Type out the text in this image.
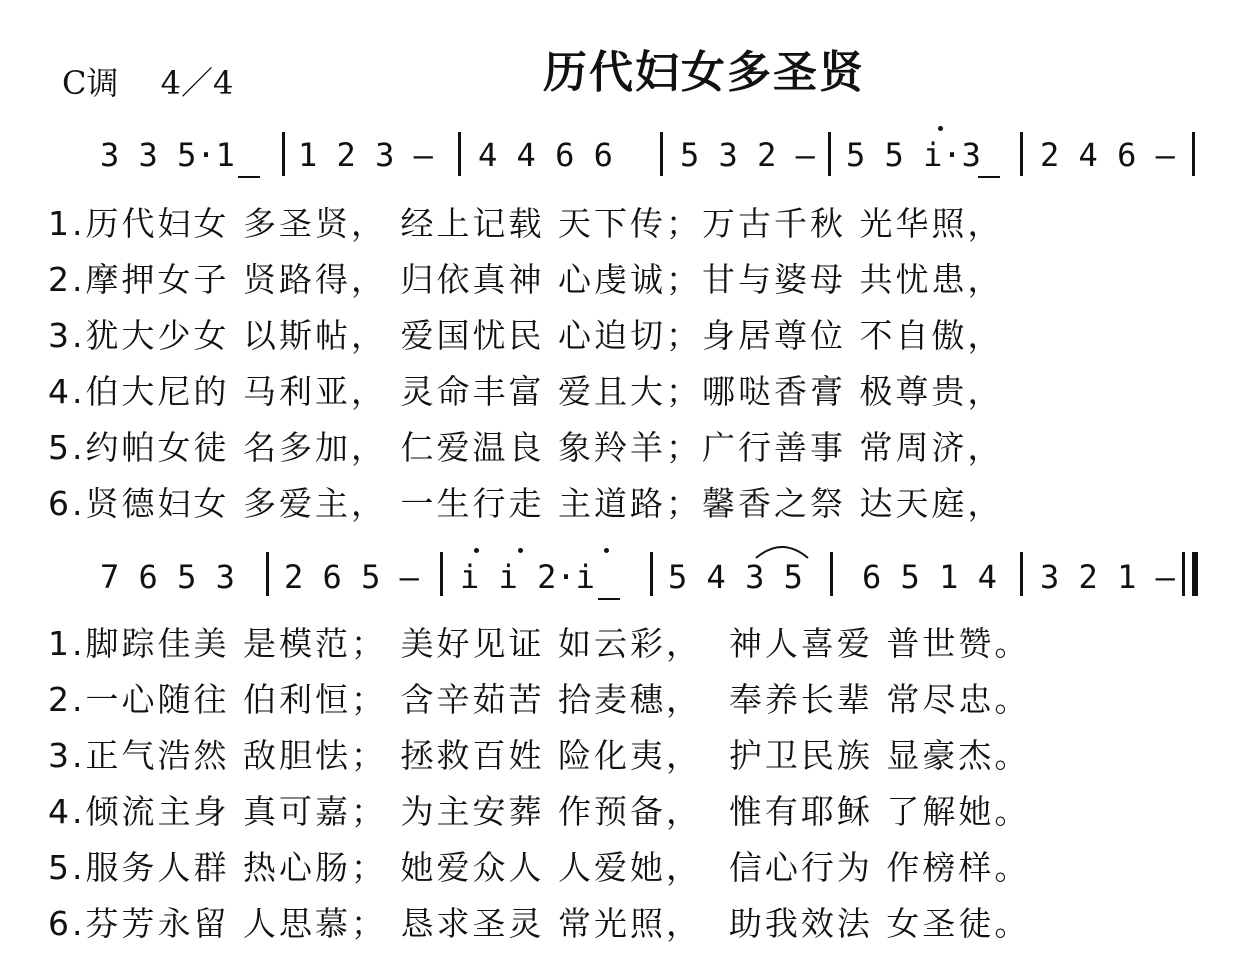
C调　 4／4	历代妇女多圣贤
3 3 5·1 1 2 3 – 4 4 6 6 5 3 2 – 5 5 i·3 2 4 6 –
1.历代妇女 多圣贤， 经上记载 天下传；万古千秋 光华照，
2.摩押女子 贤路得， 归依真神 心虔诚；甘与婆母 共忧患，
3.犹大少女 以斯帖， 爱国忧民 心迫切；身居尊位 不自傲，
4.伯大尼的 马利亚， 灵命丰富 爱且大；哪哒香膏 极尊贵，
5.约帕女徒 名多加， 仁爱温良 象羚羊；广行善事 常周济，
6.贤德妇女 多爱主， 一生行走 主道路；馨香之祭 达天庭，
7 6 5 3 2 6 5 – i i 2·i 5 4 3 5 6 5 1 4 3 2 1 –
1.脚踪佳美 是模范； 美好见证 如云彩，  神人喜爱 普世赞。
2.一心随往 伯利恒； 含辛茹苦 拾麦穗，  奉养长辈 常尽忠。
3.正气浩然 敌胆怯； 拯救百姓 险化夷，  护卫民族 显豪杰。
4.倾流主身 真可嘉； 为主安葬 作预备，  惟有耶稣 了解她。
5.服务人群 热心肠； 她爱众人 人爱她，  信心行为 作榜样。
6.芬芳永留 人思慕； 恳求圣灵 常光照，  助我效法 女圣徒。
